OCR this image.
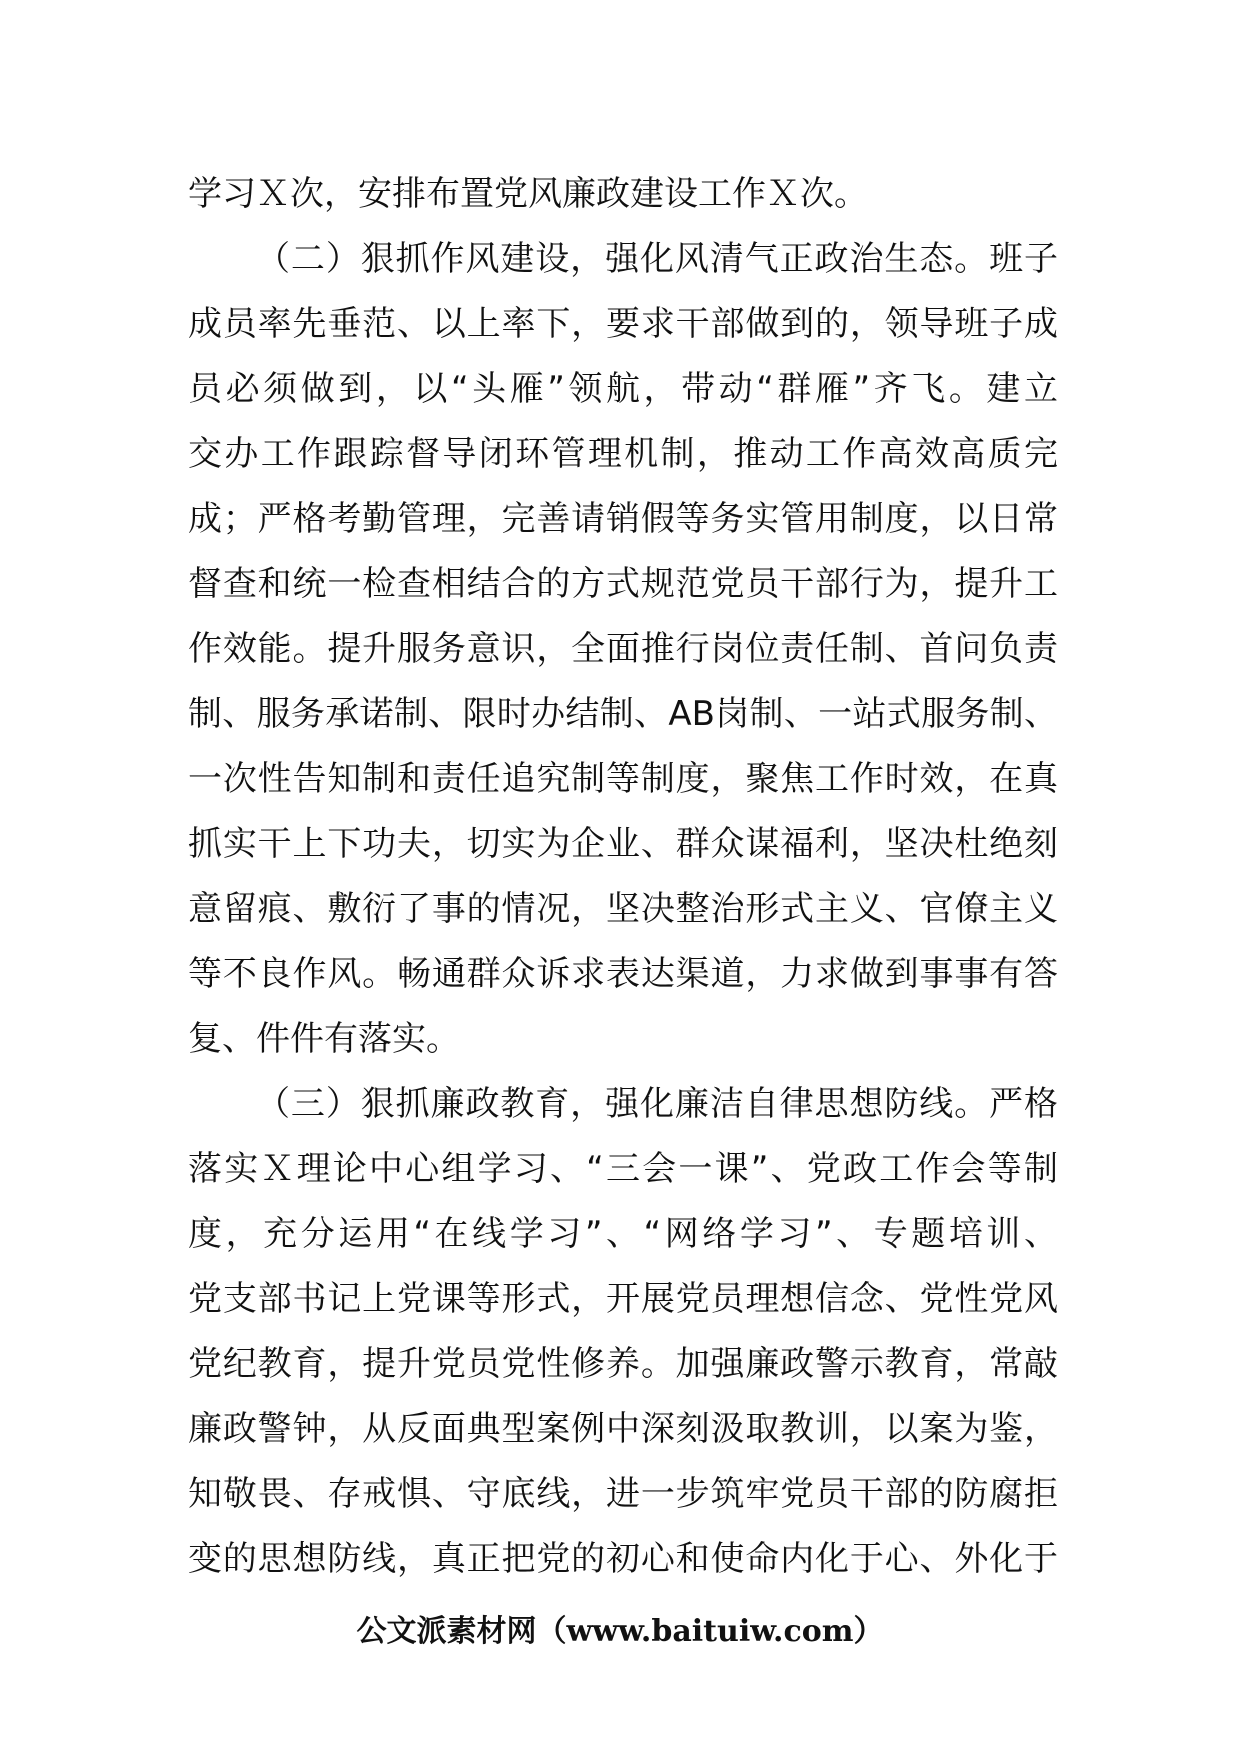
学习Ｘ次，安排布置党风廉政建设工作Ｘ次。
（二）狠抓作风建设，强化风清气正政治生态。班子
成员率先垂范、以上率下，要求干部做到的，领导班子成
员必须做到，以“头雁”领航，带动“群雁”齐飞。建立
交办工作跟踪督导闭环管理机制，推动工作高效高质完
成；严格考勤管理，完善请销假等务实管用制度，以日常
督查和统一检查相结合的方式规范党员干部行为，提升工
作效能。提升服务意识，全面推行岗位责任制、首问负责
制、服务承诺制、限时办结制、AB岗制、一站式服务制、
一次性告知制和责任追究制等制度，聚焦工作时效，在真
抓实干上下功夫，切实为企业、群众谋福利，坚决杜绝刻
意留痕、敷衍了事的情况，坚决整治形式主义、官僚主义
等不良作风。畅通群众诉求表达渠道，力求做到事事有答
复、件件有落实。
（三）狠抓廉政教育，强化廉洁自律思想防线。严格
落实Ｘ理论中心组学习、“三会一课”、党政工作会等制
度，充分运用“在线学习”、“网络学习”、专题培训、
党支部书记上党课等形式，开展党员理想信念、党性党风
党纪教育，提升党员党性修养。加强廉政警示教育，常敲
廉政警钟，从反面典型案例中深刻汲取教训，以案为鉴，
知敬畏、存戒惧、守底线，进一步筑牢党员干部的防腐拒
变的思想防线，真正把党的初心和使命内化于心、外化于
公文派素材网（www.baituiw.com）
